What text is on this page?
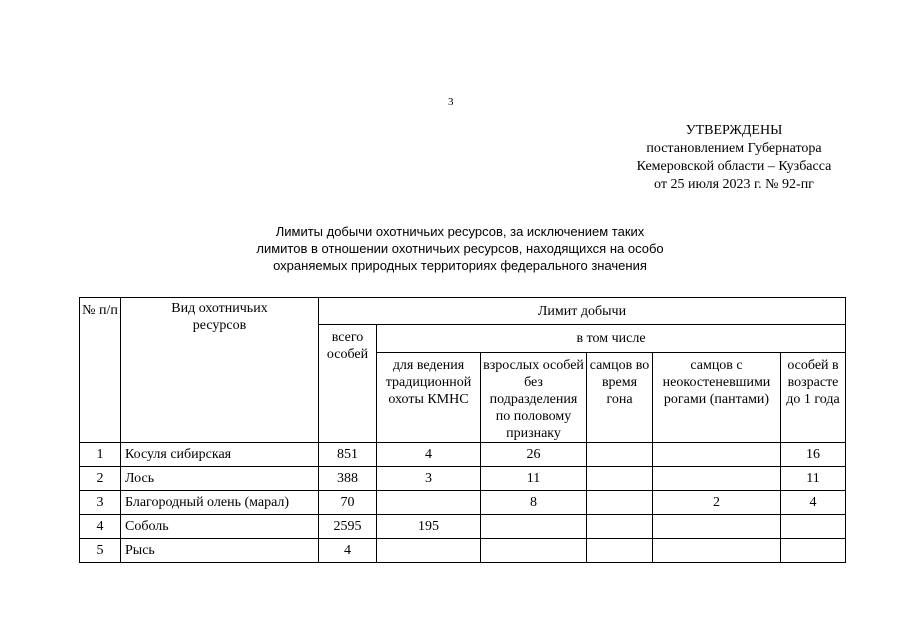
3
УТВЕРЖДЕНЫ
постановлением Губернатора
Кемеровской области – Кузбасса
от 25 июля 2023 г. № 92-пг
Лимиты добычи охотничьих ресурсов, за исключением таких
лимитов в отношении охотничьих ресурсов, находящихся на особо
охраняемых природных территориях федерального значения
№ п/п	Вид охотничьих ресурсов	Лимит добычи					
		всего особей	в том числе				
			для ведения традиционной охоты КМНС	взрослых особей без подразделения по половому признаку	самцов во время гона	самцов с неокостеневшими рогами (пантами)	особей в возрасте до 1 года
1	Косуля сибирская	851	4	26			16
2	Лось	388	3	11			11
3	Благородный олень (марал)	70		8		2	4
4	Соболь	2595	195				
5	Рысь	4					
